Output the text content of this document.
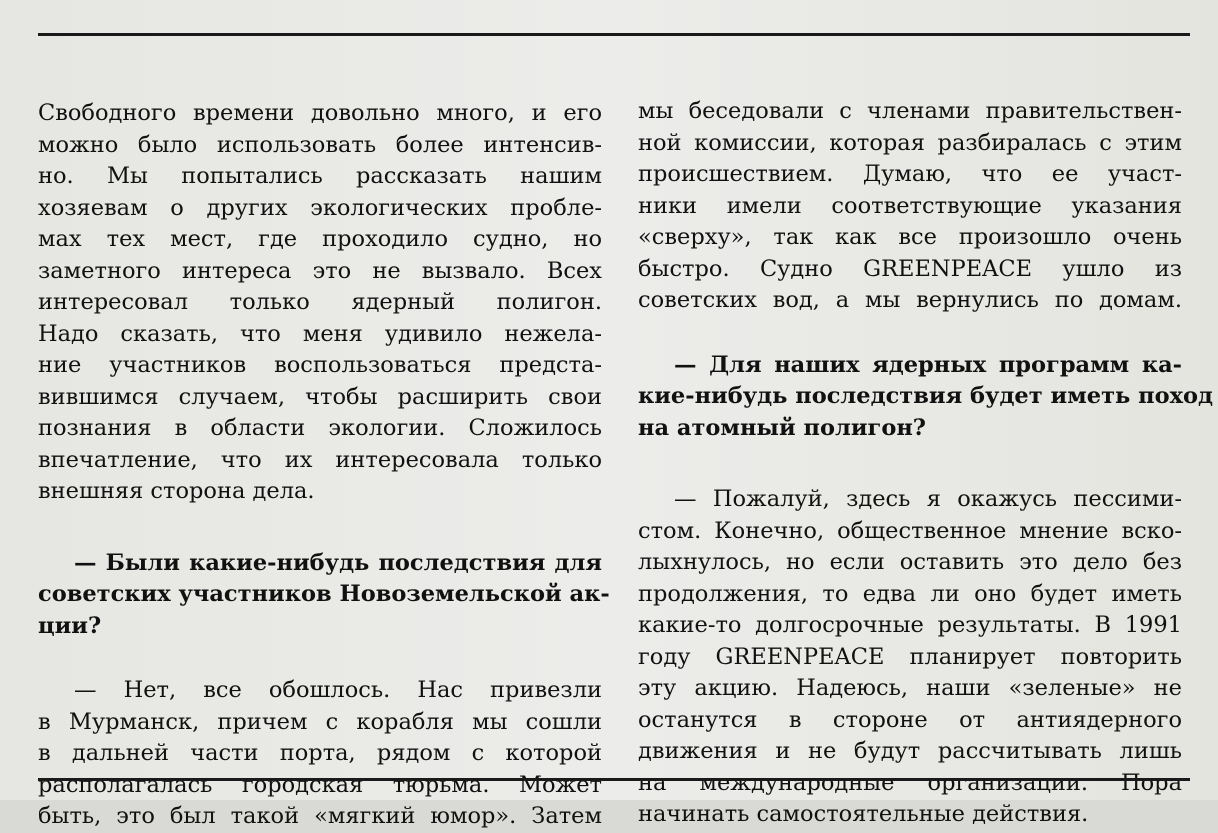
Свободного времени довольно много, и его
можно было использовать более интенсив-
но. Мы попытались рассказать нашим
хозяевам о других экологических пробле-
мах тех мест, где проходило судно, но
заметного интереса это не вызвало. Всех
интересовал только ядерный полигон.
Надо сказать, что меня удивило нежела-
ние участников воспользоваться предста-
вившимся случаем, чтобы расширить свои
познания в области экологии. Сложилось
впечатление, что их интересовала только
внешняя сторона дела.
— Были какие-нибудь последствия для
советских участников Новоземельской ак-
ции?
— Нет, все обошлось. Нас привезли
в Мурманск, причем с корабля мы сошли
в дальней части порта, рядом с которой
располагалась городская тюрьма. Может
быть, это был такой «мягкий юмор». Затем
мы беседовали с членами правительствен-
ной комиссии, которая разбиралась с этим
происшествием. Думаю, что ее участ-
ники имели соответствующие указания
«сверху», так как все произошло очень
быстро. Судно GREENPEACE ушло из
советских вод, а мы вернулись по домам.
— Для наших ядерных программ ка-
кие-нибудь последствия будет иметь поход
на атомный полигон?
— Пожалуй, здесь я окажусь пессими-
стом. Конечно, общественное мнение вско-
лыхнулось, но если оставить это дело без
продолжения, то едва ли оно будет иметь
какие-то долгосрочные результаты. В 1991
году GREENPEACE планирует повторить
эту акцию. Надеюсь, наши «зеленые» не
останутся в стороне от антиядерного
движения и не будут рассчитывать лишь
на международные организации. Пора
начинать самостоятельные действия.
